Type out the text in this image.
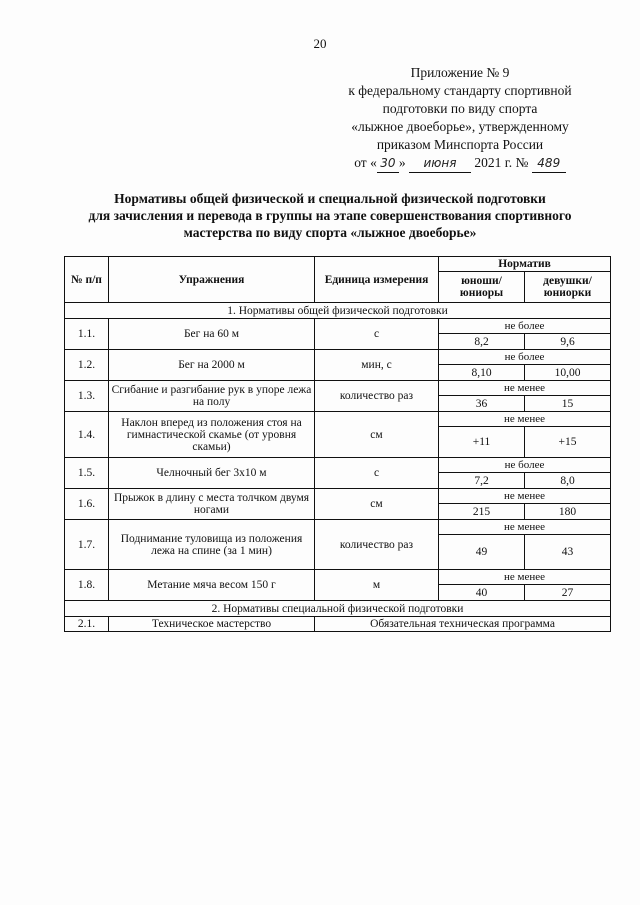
20
Приложение № 9
к федеральному стандарту спортивной
подготовки по виду спорта
«лыжное двоеборье», утвержденному
приказом Минспорта России
от « 30 » июня 2021 г. № 489
Нормативы общей физической и специальной физической подготовки
для зачисления и перевода в группы на этапе совершенствования спортивного
мастерства по виду спорта «лыжное двоеборье»
№ п/п	Упражнения	Единица измерения	Норматив	
			юноши/ юниоры	девушки/ юниорки
1. Нормативы общей физической подготовки				
1.1.	Бег на 60 м	с	не более	
			8,2	9,6
1.2.	Бег на 2000 м	мин, с	не более	
			8,10	10,00
1.3.	Сгибание и разгибание рук в упоре лежа на полу	количество раз	не менее	
			36	15
1.4.	Наклон вперед из положения стоя на гимнастической скамье (от уровня скамьи)	см	не менее	
			+11	+15
1.5.	Челночный бег 3x10 м	с	не более	
			7,2	8,0
1.6.	Прыжок в длину с места толчком двумя ногами	см	не менее	
			215	180
1.7.	Поднимание туловища из положения лежа на спине (за 1 мин)	количество раз	не менее	
			49	43
1.8.	Метание мяча весом 150 г	м	не менее	
			40	27
2. Нормативы специальной физической подготовки				
2.1.	Техническое мастерство	Обязательная техническая программа		
